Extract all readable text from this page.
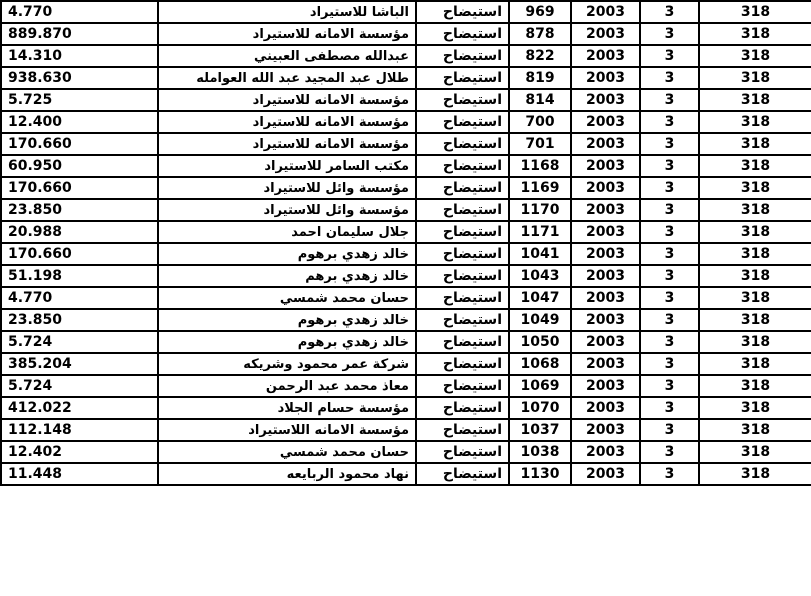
4.770	الباشا للاستيراد	استيضاح	969	2003	3	318
889.870	مؤسسة الامانه للاستيراد	استيضاح	878	2003	3	318
14.310	عبدالله مصطفى العبيني	استيضاح	822	2003	3	318
938.630	طلال عبد المجيد عبد الله العوامله	استيضاح	819	2003	3	318
5.725	مؤسسة الامانه للاستيراد	استيضاح	814	2003	3	318
12.400	مؤسسة الامانه للاستيراد	استيضاح	700	2003	3	318
170.660	مؤسسة الامانه للاستيراد	استيضاح	701	2003	3	318
60.950	مكتب السامر للاستيراد	استيضاح	1168	2003	3	318
170.660	مؤسسة وائل للاستيراد	استيضاح	1169	2003	3	318
23.850	مؤسسة وائل للاستيراد	استيضاح	1170	2003	3	318
20.988	جلال سليمان احمد	استيضاح	1171	2003	3	318
170.660	خالد زهدي برهوم	استيضاح	1041	2003	3	318
51.198	خالد زهدي برهم	استيضاح	1043	2003	3	318
4.770	حسان محمد شمسي	استيضاح	1047	2003	3	318
23.850	خالد زهدي برهوم	استيضاح	1049	2003	3	318
5.724	خالد زهدي برهوم	استيضاح	1050	2003	3	318
385.204	شركة عمر محمود وشريكه	استيضاح	1068	2003	3	318
5.724	معاذ محمد عبد الرحمن	استيضاح	1069	2003	3	318
412.022	مؤسسة حسام الجلاد	استيضاح	1070	2003	3	318
112.148	مؤسسة الامانه اللاستيراد	استيضاح	1037	2003	3	318
12.402	حسان محمد شمسي	استيضاح	1038	2003	3	318
11.448	نهاد محمود الربايعه	استيضاح	1130	2003	3	318
